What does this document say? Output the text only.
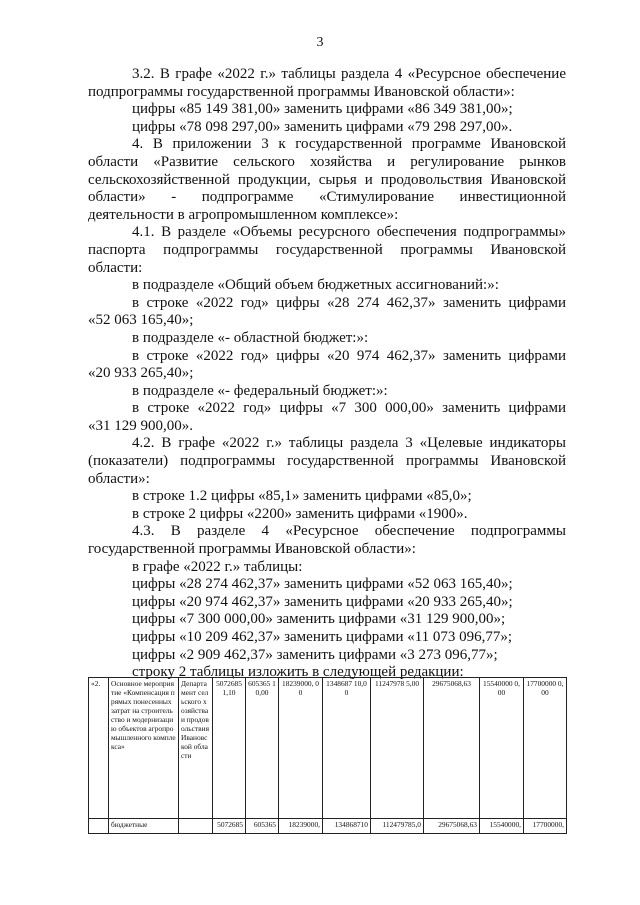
3

3.2. В графе «2022 г.» таблицы раздела 4 «Ресурсное обеспечение

подпрограммы государственной программы Ивановской области»:

цифры «85 149 381,00» заменить цифрами «86 349 381,00»;

цифры «78 098 297,00» заменить цифрами «79 298 297,00».

4. В приложении 3 к государственной программе Ивановской

области «Развитие сельского хозяйства и регулирование рынков

сельскохозяйственной продукции, сырья и продовольствия Ивановской

области» - подпрограмме «Стимулирование инвестиционной

деятельности в агропромышленном комплексе»:

4.1. В разделе «Объемы ресурсного обеспечения подпрограммы»

паспорта подпрограммы государственной программы Ивановской

области:

в подразделе «Общий объем бюджетных ассигнований:»:

в строке «2022 год» цифры «28 274 462,37» заменить цифрами

«52 063 165,40»;

в подразделе «- областной бюджет:»:

в строке «2022 год» цифры «20 974 462,37» заменить цифрами

«20 933 265,40»;

в подразделе «- федеральный бюджет:»:

в строке «2022 год» цифры «7 300 000,00» заменить цифрами

«31 129 900,00».

4.2. В графе «2022 г.» таблицы раздела 3 «Целевые индикаторы

(показатели) подпрограммы государственной программы Ивановской

области»:

в строке 1.2 цифры «85,1» заменить цифрами «85,0»;

в строке 2 цифры «2200» заменить цифрами «1900».

4.3. В разделе 4 «Ресурсное обеспечение подпрограммы

государственной программы Ивановской области»:

в графе «2022 г.» таблицы:

цифры «28 274 462,37» заменить цифрами «52 063 165,40»;

цифры «20 974 462,37» заменить цифрами «20 933 265,40»;

цифры «7 300 000,00» заменить цифрами «31 129 900,00»;

цифры «10 209 462,37» заменить цифрами «11 073 096,77»;

цифры «2 909 462,37» заменить цифрами «3 273 096,77»;

строку 2 таблицы изложить в следующей редакции:

«2.	Основное мероприятие «Компенсация прямых понесенных затрат на строительство и модернизацию объектов агропромышленного комплекса»	Департамент сельского хозяйства и продовольствия Ивановской области	5072685 1,10	605365 10,00	18239000, 00	1348687 10,00	11247978 5,00	29675068,63	15540000 0,00	17700000 0,00
	бюджетные		5072685	605365	18239000,	134868710	112479785,0	29675068,63	15540000,	17700000,
